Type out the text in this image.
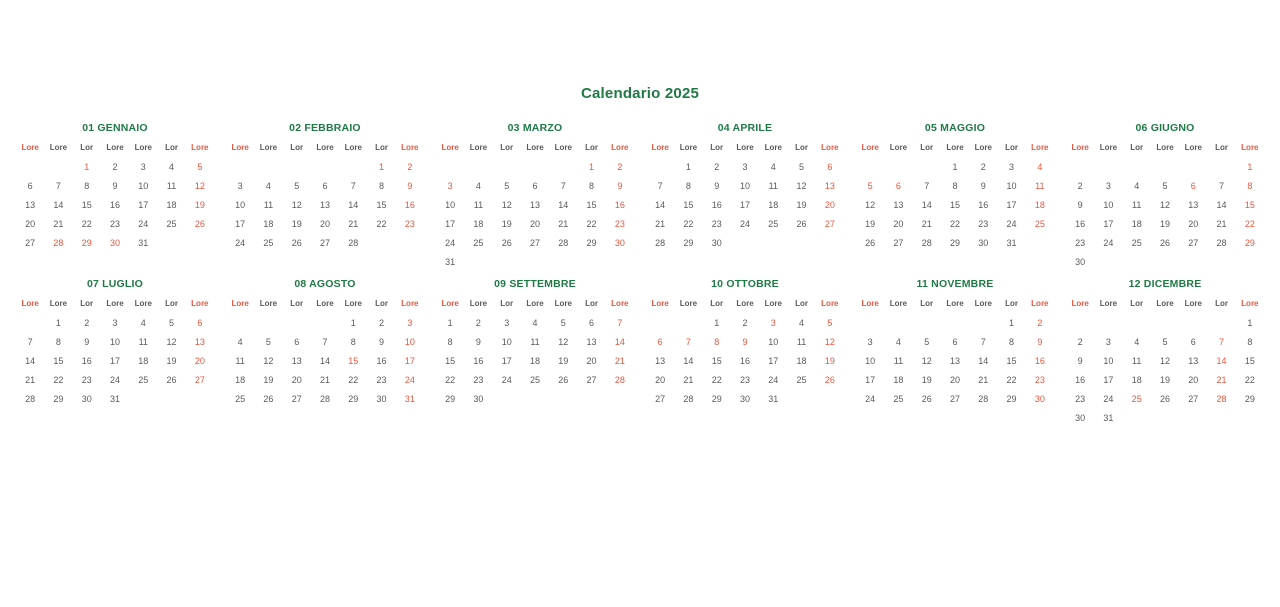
Calendario 2025
01 GENNAIO
Lore	Lore	Lor	Lore	Lore	Lor	Lore
		1	2	3	4	5
6	7	8	9	10	11	12
13	14	15	16	17	18	19
20	21	22	23	24	25	26
27	28	29	30	31		
02 FEBBRAIO
Lore	Lore	Lor	Lore	Lore	Lor	Lore
					1	2
3	4	5	6	7	8	9
10	11	12	13	14	15	16
17	18	19	20	21	22	23
24	25	26	27	28		
03 MARZO
Lore	Lore	Lor	Lore	Lore	Lor	Lore
					1	2
3	4	5	6	7	8	9
10	11	12	13	14	15	16
17	18	19	20	21	22	23
24	25	26	27	28	29	30
31						
04 APRILE
Lore	Lore	Lor	Lore	Lore	Lor	Lore
	1	2	3	4	5	6
7	8	9	10	11	12	13
14	15	16	17	18	19	20
21	22	23	24	25	26	27
28	29	30				
05 MAGGIO
Lore	Lore	Lor	Lore	Lore	Lor	Lore
			1	2	3	4
5	6	7	8	9	10	11
12	13	14	15	16	17	18
19	20	21	22	23	24	25
26	27	28	29	30	31	
06 GIUGNO
Lore	Lore	Lor	Lore	Lore	Lor	Lore
						1
2	3	4	5	6	7	8
9	10	11	12	13	14	15
16	17	18	19	20	21	22
23	24	25	26	27	28	29
30						
07 LUGLIO
Lore	Lore	Lor	Lore	Lore	Lor	Lore
	1	2	3	4	5	6
7	8	9	10	11	12	13
14	15	16	17	18	19	20
21	22	23	24	25	26	27
28	29	30	31			
08 AGOSTO
Lore	Lore	Lor	Lore	Lore	Lor	Lore
				1	2	3
4	5	6	7	8	9	10
11	12	13	14	15	16	17
18	19	20	21	22	23	24
25	26	27	28	29	30	31
09 SETTEMBRE
Lore	Lore	Lor	Lore	Lore	Lor	Lore
1	2	3	4	5	6	7
8	9	10	11	12	13	14
15	16	17	18	19	20	21
22	23	24	25	26	27	28
29	30					
10 OTTOBRE
Lore	Lore	Lor	Lore	Lore	Lor	Lore
		1	2	3	4	5
6	7	8	9	10	11	12
13	14	15	16	17	18	19
20	21	22	23	24	25	26
27	28	29	30	31		
11 NOVEMBRE
Lore	Lore	Lor	Lore	Lore	Lor	Lore
					1	2
3	4	5	6	7	8	9
10	11	12	13	14	15	16
17	18	19	20	21	22	23
24	25	26	27	28	29	30
12 DICEMBRE
Lore	Lore	Lor	Lore	Lore	Lor	Lore
						1
2	3	4	5	6	7	8
9	10	11	12	13	14	15
16	17	18	19	20	21	22
23	24	25	26	27	28	29
30	31					
